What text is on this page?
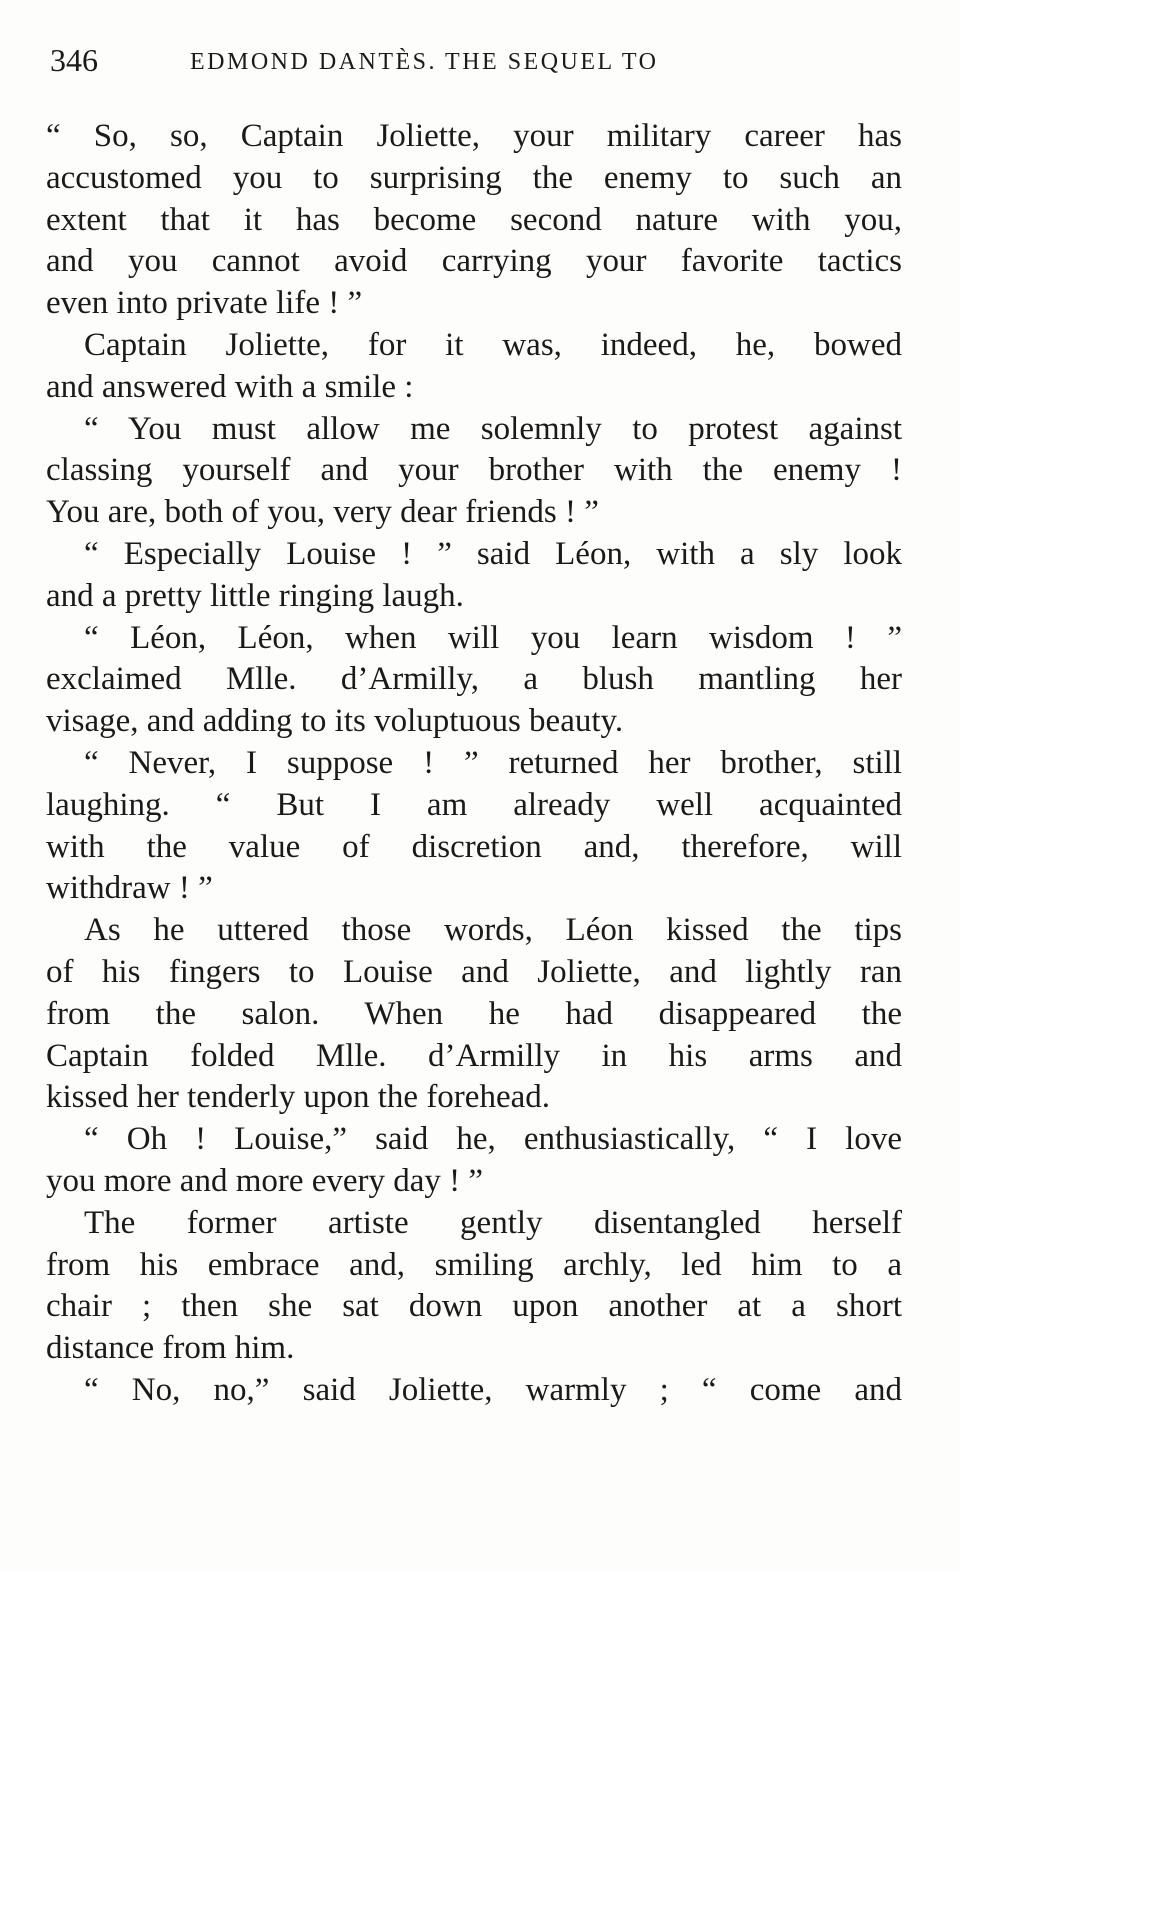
346	EDMOND DANTÈS. THE SEQUEL TO
“ So, so, Captain Joliette, your military career has
accustomed you to surprising the enemy to such an
extent that it has become second nature with you,
and you cannot avoid carrying your favorite tactics
even into private life ! ”
Captain Joliette, for it was, indeed, he, bowed
and answered with a smile :
“ You must allow me solemnly to protest against
classing yourself and your brother with the enemy !
You are, both of you, very dear friends ! ”
“ Especially Louise ! ” said Léon, with a sly look
and a pretty little ringing laugh.
“ Léon, Léon, when will you learn wisdom ! ”
exclaimed Mlle. d’Armilly, a blush mantling her
visage, and adding to its voluptuous beauty.
“ Never, I suppose ! ” returned her brother, still
laughing. “ But I am already well acquainted
with the value of discretion and, therefore, will
withdraw ! ”
As he uttered those words, Léon kissed the tips
of his fingers to Louise and Joliette, and lightly ran
from the salon. When he had disappeared the
Captain folded Mlle. d’Armilly in his arms and
kissed her tenderly upon the forehead.
“ Oh ! Louise,” said he, enthusiastically, “ I love
you more and more every day ! ”
The former artiste gently disentangled herself
from his embrace and, smiling archly, led him to a
chair ; then she sat down upon another at a short
distance from him.
“ No, no,” said Joliette, warmly ; “ come and
